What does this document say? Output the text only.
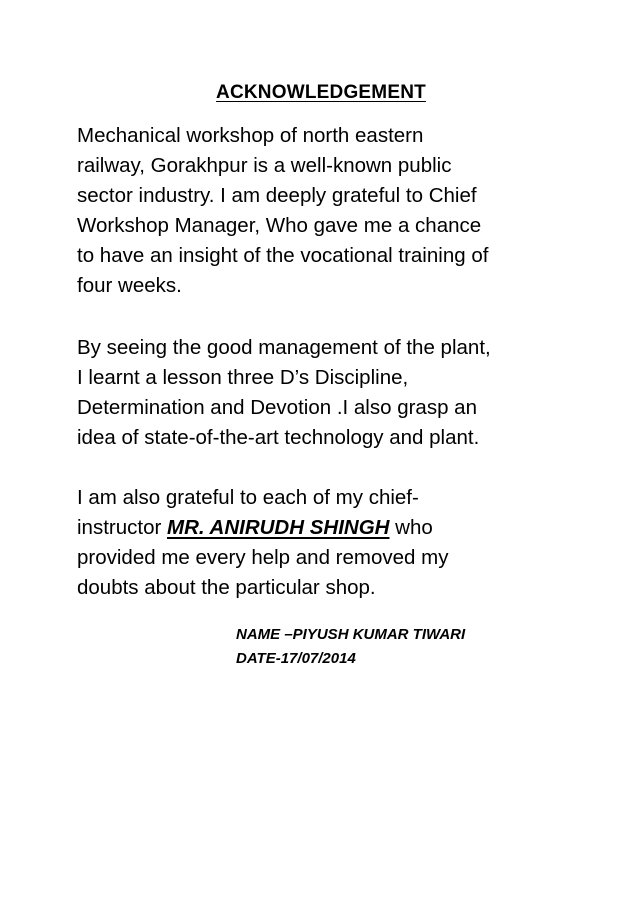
ACKNOWLEDGEMENT
Mechanical workshop of north eastern
railway, Gorakhpur is a well-known public
sector industry. I am deeply grateful to Chief
Workshop Manager, Who gave me a chance
to have an insight of the vocational training of
four weeks.
By seeing the good management of the plant,
I learnt a lesson three D’s Discipline,
Determination and Devotion .I also grasp an
idea of state-of-the-art technology and plant.
I am also grateful to each of my chief-
instructor MR. ANIRUDH SHINGH who
provided me every help and removed my
doubts about the particular shop.
NAME –PIYUSH KUMAR TIWARI
DATE-17/07/2014
